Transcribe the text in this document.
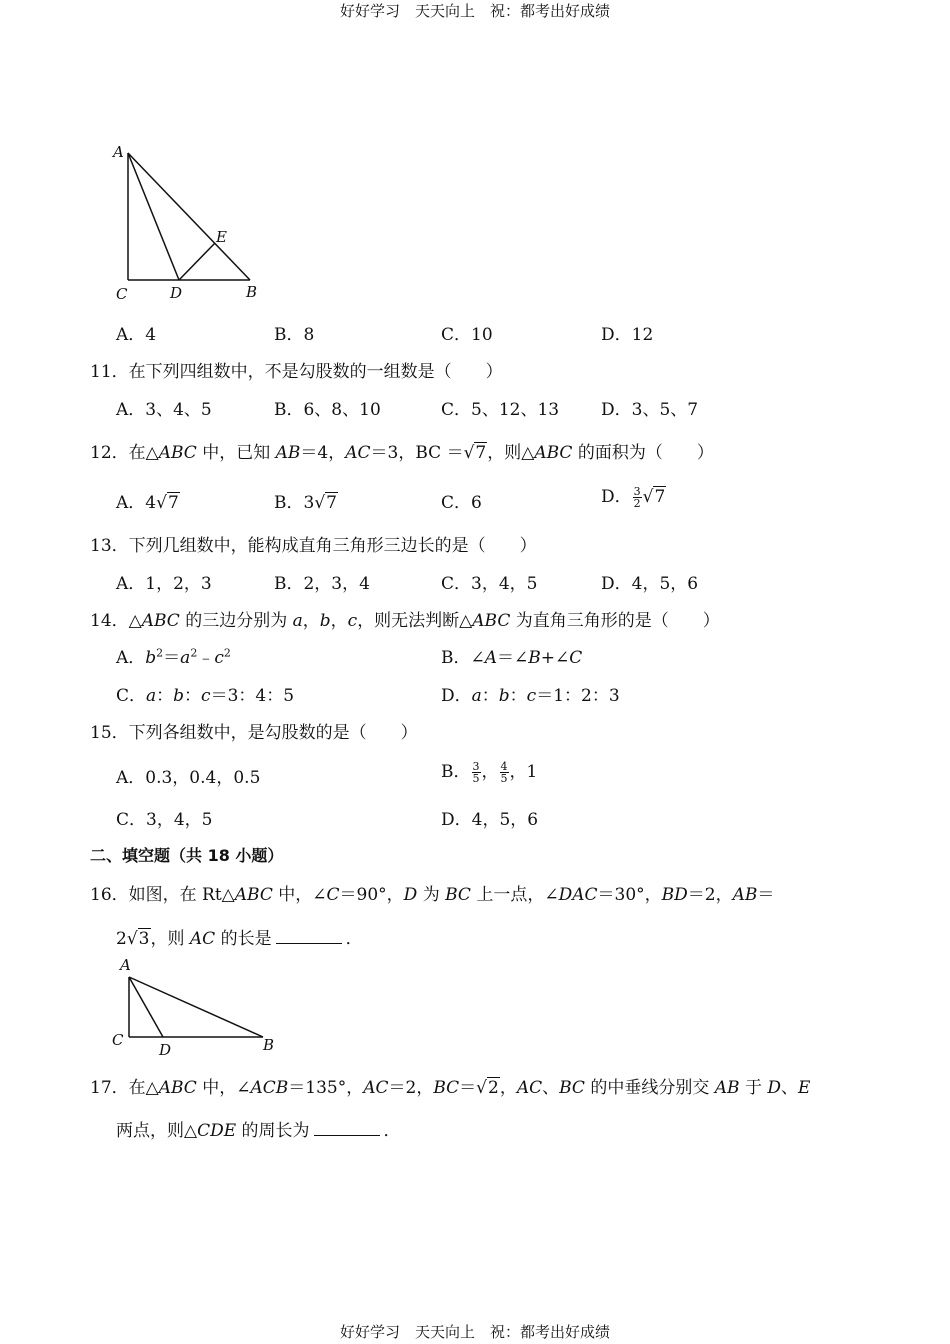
好好学习　天天向上　祝：都考出好成绩
A
E
C	D	B
A．4	B．8	C．10	D．12
11．在下列四组数中，不是勾股数的一组数是（　　）
A．3、4、5	B．6、8、10	C．5、12、13 D．3、5、7
12．在△ABC 中，已知 AB＝4，AC＝3，BC ＝√7，则△ABC 的面积为（　　）
A．4√7	B．3√7	C．6	D． $\frac{3}{2} √7$
13．下列几组数中，能构成直角三角形三边长的是（　　）
A．1，2，3	B．2，3，4	C．3，4，5	D．4，5，6
14．△ABC 的三边分别为 a，b，c，则无法判断△ABC 为直角三角形的是（　　）
A．$b^2=a^2﹣c^2$	B．∠A＝∠B+∠C
C．a：b：c＝3：4：5	D．a：b：c＝1：2：3
15．下列各组数中，是勾股数的是（　　）
A．0.3，0.4，0.5	B． $\frac{3}{5}$ ， $\frac{4}{5}$ ，1
C．3，4，5	D．4，5，6
二、填空题（共 18 小题）
16．如图，在 Rt△ABC 中，∠C＝90°，D 为 BC 上一点，∠DAC＝30°，BD＝2，AB＝
2√3，则 AC 的长是	．
A
C
D	B
17．在△ABC 中，∠ACB＝135°，AC＝2，BC＝√2，AC、BC 的中垂线分别交 AB 于 D、E
两点，则△CDE 的周长为	．
好好学习　天天向上　祝：都考出好成绩
